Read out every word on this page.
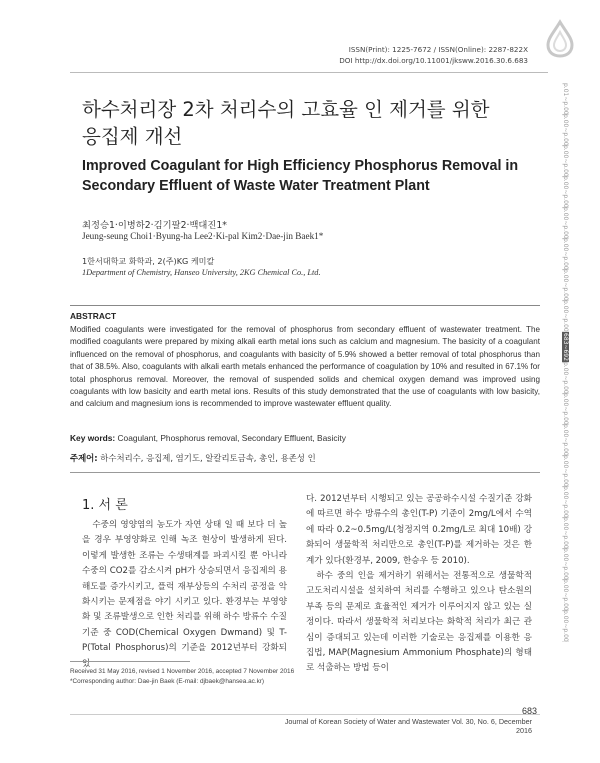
ISSN(Print): 1225-7672 / ISSN(Online): 2287-822X
DOI http://dx.doi.org/10.11001/jksww.2016.30.6.683
하수처리장 2차 처리수의 고효율 인 제거를 위한
응집제 개선
Improved Coagulant for High Efficiency Phosphorus Removal in
Secondary Effluent of Waste Water Treatment Plant
최정승1·이병하2·김기팔2·백대진1*
Jeung-seung Choi1·Byung-ha Lee2·Ki-pal Kim2·Dae-jin Baek1*
1한서대학교 화학과, 2(주)KG 케미칼
1Department of Chemistry, Hanseo University, 2KG Chemical Co., Ltd.
ABSTRACT
Modified coagulants were investigated for the removal of phosphorus from secondary effluent of wastewater treatment. The modified coagulants were prepared by mixing alkali earth metal ions such as calcium and magnesium. The basicity of a coagulant influenced on the removal of phosphorus, and coagulants with basicity of 5.9% showed a better removal of total phosphorus than that of 38.5%. Also, coagulants with alkali earth metals enhanced the performance of coagulation by 10% and resulted in 67.1% for total phosphorus removal. Moreover, the removal of suspended solids and chemical oxygen demand was improved using coagulants with low basicity and earth metal ions. Results of this study demonstrated that the use of coagulants with low basicity, and calcium and magnesium ions is recommended to improve wastewater effluent quality.
Key words: Coagulant, Phosphorus removal, Secondary Effluent, Basicity
주제어: 하수처리수, 응집제, 염기도, 알칼리토금속, 총인, 용존성 인
1. 서 론
수중의 영양염의 농도가 자연 상태 일 때 보다 더 높을 경우 부영양화로 인해 녹조 현상이 발생하게 된다. 이렇게 발생한 조류는 수생태계를 파괴시킬 뿐 아니라 수중의 CO2를 감소시켜 pH가 상승되면서 응집제의 용해도를 증가시키고, 플럭 재부상등의 수처리 공정을 악화시키는 문제점을 야기 시키고 있다. 환경부는 부영양화 및 조류발생으로 인한 처리를 위해 하수 방류수 수질기준 중 COD(Chemical Oxygen Dwmand) 및 T-P(Total Phosphorus)의 기준을 2012년부터 강화되었
다. 2012년부터 시행되고 있는 공공하수시설 수질기준 강화에 따르면 하수 방류수의 총인(T-P) 기준이 2mg/L에서 수역에 따라 0.2~0.5mg/L(청정지역 0.2mg/L로 최대 10배) 강화되어 생물학적 처리만으로 총인(T-P)를 제거하는 것은 한계가 있다(환경부, 2009, 한승우 등 2010).
하수 중의 인을 제거하기 위해서는 전통적으로 생물학적 고도처리시설을 설치하여 처리를 수행하고 있으나 탄소원의 부족 등의 문제로 효율적인 제거가 이루어지지 않고 있는 실정이다. 따라서 생물학적 처리보다는 화학적 처리가 최근 관심이 증대되고 있는데 이러한 기술로는 응집제를 이용한 응집법, MAP(Magnesium Ammonium Phosphate)의 형태로 석출하는 방법 등이
Received 31 May 2016, revised 1 November 2016, accepted 7 November 2016
*Corresponding author: Dae-jin Baek (E-mail: djbaek@hansea.ac.kr)
683
Journal of Korean Society of Water and Wastewater Vol. 30, No. 6, December 2016
p.01~p.00
p.00~p.00
p.00~p.00
p.00~p.00
p.00~p.00
p.00~p.00
p.00~p.00
p.00~p.00
683~692
p.00~p.00
p.00~p.00
p.00~p.00
p.00~p.00
p.00~p.00
p.00~p.00
p.00~p.00
p.00~p.00
p.00~p.00
